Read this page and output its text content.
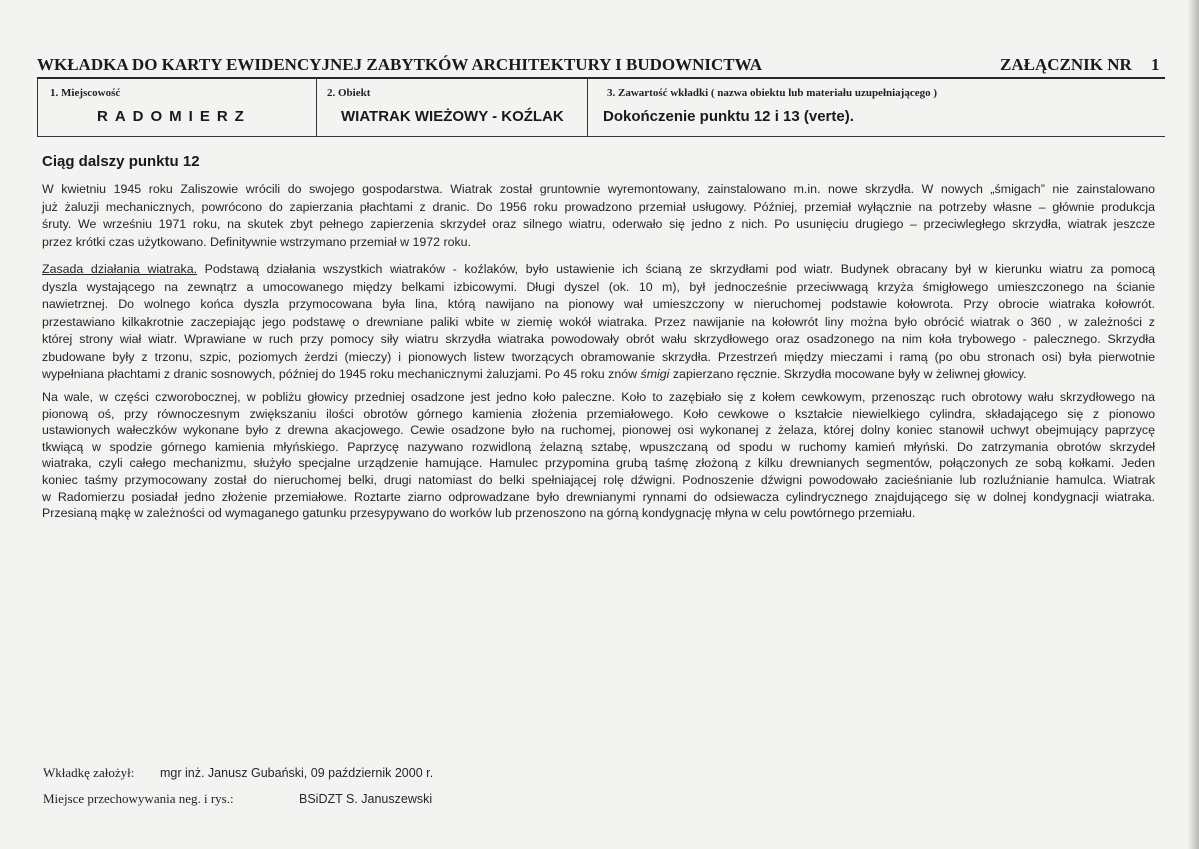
WKŁADKA DO KARTY EWIDENCYJNEJ ZABYTKÓW ARCHITEKTURY I BUDOWNICTWA	ZAŁĄCZNIK NR 1
1. Miejscowość
RADOMIERZ
2. Obiekt
WIATRAK WIEŻOWY - KOŹLAK
3. Zawartość wkładki ( nazwa obiektu lub materiału uzupełniającego )
Dokończenie punktu 12 i 13 (verte).
Ciąg dalszy punktu 12
W kwietniu 1945 roku Zaliszowie wrócili do swojego gospodarstwa. Wiatrak został gruntownie wyremontowany, zainstalowano m.in. nowe skrzydła. W nowych „śmigach” nie zainstalowano
już żaluzji mechanicznych, powrócono do zapierzania płachtami z dranic. Do 1956 roku prowadzono przemiał usługowy. Później, przemiał wyłącznie na potrzeby własne – głównie produkcja
śruty. We wrześniu 1971 roku, na skutek zbyt pełnego zapierzenia skrzydeł oraz silnego wiatru, oderwało się jedno z nich. Po usunięciu drugiego – przeciwległego skrzydła, wiatrak jeszcze
przez krótki czas użytkowano. Definitywnie wstrzymano przemiał w 1972 roku.
Zasada działania wiatraka. Podstawą działania wszystkich wiatraków - koźlaków, było ustawienie ich ścianą ze skrzydłami pod wiatr. Budynek obracany był w kierunku wiatru za pomocą
dyszla wystającego na zewnątrz a umocowanego między belkami izbicowymi. Długi dyszel (ok. 10 m), był jednocześnie przeciwwagą krzyża śmigłowego umieszczonego na ścianie
nawietrznej. Do wolnego końca dyszla przymocowana była lina, którą nawijano na pionowy wał umieszczony w nieruchomej podstawie kołowrota. Przy obrocie wiatraka kołowrót.
przestawiano kilkakrotnie zaczepiając jego podstawę o drewniane paliki wbite w ziemię wokół wiatraka. Przez nawijanie na kołowrót liny można było obrócić wiatrak o 360 , w zależności z
której strony wiał wiatr. Wprawiane w ruch przy pomocy siły wiatru skrzydła wiatraka powodowały obrót wału skrzydłowego oraz osadzonego na nim koła trybowego - palecznego. Skrzydła
zbudowane były z trzonu, szpic, poziomych żerdzi (mieczy) i pionowych listew tworzących obramowanie skrzydła. Przestrzeń między mieczami i ramą (po obu stronach osi) była pierwotnie
wypełniana płachtami z dranic sosnowych, później do 1945 roku mechanicznymi żaluzjami. Po 45 roku znów śmigi zapierzano ręcznie. Skrzydła mocowane były w żeliwnej głowicy.
Na wale, w części czworobocznej, w pobliżu głowicy przedniej osadzone jest jedno koło paleczne. Koło to zazębiało się z kołem cewkowym, przenosząc ruch obrotowy wału skrzydłowego na
pionową oś, przy równoczesnym zwiększaniu ilości obrotów górnego kamienia złożenia przemiałowego. Koło cewkowe o kształcie niewielkiego cylindra, składającego się z pionowo
ustawionych wałeczków wykonane było z drewna akacjowego. Cewie osadzone było na ruchomej, pionowej osi wykonanej z żelaza, której dolny koniec stanowił uchwyt obejmujący paprzycę
tkwiącą w spodzie górnego kamienia młyńskiego. Paprzycę nazywano rozwidloną żelazną sztabę, wpuszczaną od spodu w ruchomy kamień młyński. Do zatrzymania obrotów skrzydeł
wiatraka, czyli całego mechanizmu, służyło specjalne urządzenie hamujące. Hamulec przypomina grubą taśmę złożoną z kilku drewnianych segmentów, połączonych ze sobą kołkami. Jeden
koniec taśmy przymocowany został do nieruchomej belki, drugi natomiast do belki spełniającej rolę dźwigni. Podnoszenie dźwigni powodowało zacieśnianie lub rozluźnianie hamulca. Wiatrak
w Radomierzu posiadał jedno złożenie przemiałowe. Roztarte ziarno odprowadzane było drewnianymi rynnami do odsiewacza cylindrycznego znajdującego się w dolnej kondygnacji wiatraka.
Przesianą mąkę w zależności od wymaganego gatunku przesypywano do worków lub przenoszono na górną kondygnację młyna w celu powtórnego przemiału.
Wkładkę założył: mgr inż. Janusz Gubański, 09 październik 2000 r.
Miejsce przechowywania neg. i rys.:	BSiDZT S. Januszewski
